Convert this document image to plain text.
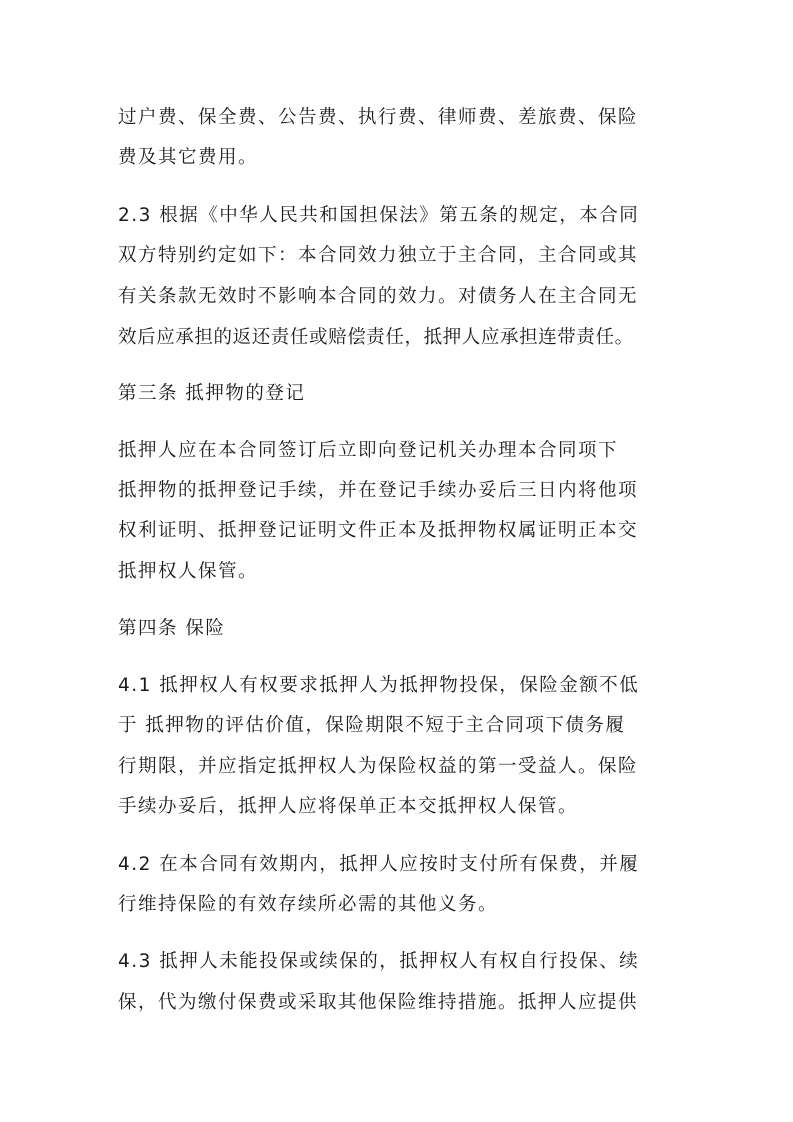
过户费、保全费、公告费、执行费、律师费、差旅费、保险
费及其它费用。
2.3 根据《中华人民共和国担保法》第五条的规定，本合同
双方特别约定如下：本合同效力独立于主合同，主合同或其
有关条款无效时不影响本合同的效力。对债务人在主合同无
效后应承担的返还责任或赔偿责任，抵押人应承担连带责任。
第三条 抵押物的登记
抵押人应在本合同签订后立即向登记机关办理本合同项下
抵押物的抵押登记手续，并在登记手续办妥后三日内将他项
权利证明、抵押登记证明文件正本及抵押物权属证明正本交
抵押权人保管。
第四条 保险
4.1 抵押权人有权要求抵押人为抵押物投保，保险金额不低
于 抵押物的评估价值，保险期限不短于主合同项下债务履
行期限，并应指定抵押权人为保险权益的第一受益人。保险
手续办妥后，抵押人应将保单正本交抵押权人保管。
4.2 在本合同有效期内，抵押人应按时支付所有保费，并履
行维持保险的有效存续所必需的其他义务。
4.3 抵押人未能投保或续保的，抵押权人有权自行投保、续
保，代为缴付保费或采取其他保险维持措施。抵押人应提供
